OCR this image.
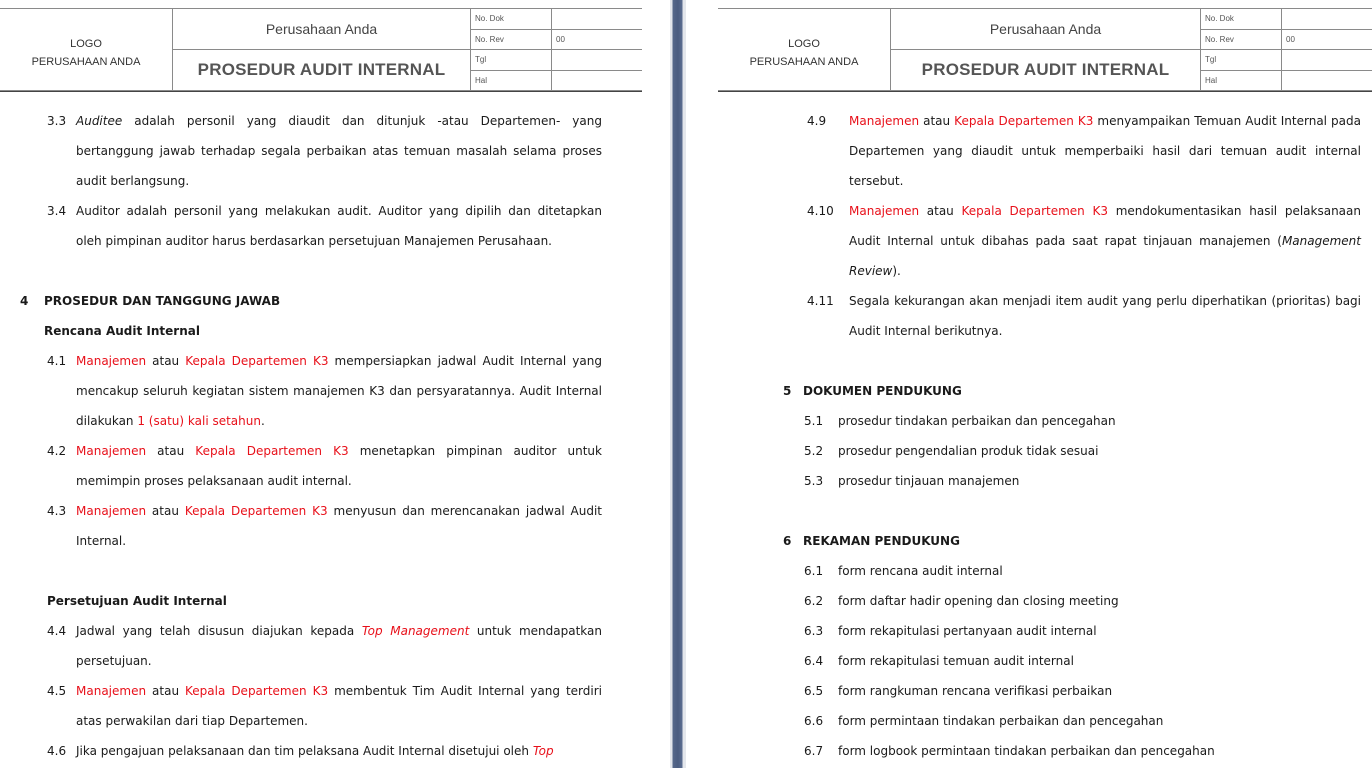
LOGO
PERUSAHAAN ANDA	Perusahaan Anda	No. Dok	
		No. Rev	00
	PROSEDUR AUDIT INTERNAL	Tgl	
		Hal	
3.3 Auditee adalah personil yang diaudit dan ditunjuk -atau Departemen- yang bertanggung jawab terhadap segala perbaikan atas temuan masalah selama proses audit berlangsung.
3.4 Auditor adalah personil yang melakukan audit. Auditor yang dipilih dan ditetapkan oleh pimpinan auditor harus berdasarkan persetujuan Manajemen Perusahaan.
4 PROSEDUR DAN TANGGUNG JAWAB
Rencana Audit Internal
4.1 Manajemen atau Kepala Departemen K3 mempersiapkan jadwal Audit Internal yang mencakup seluruh kegiatan sistem manajemen K3 dan persyaratannya. Audit Internal dilakukan 1 (satu) kali setahun.
4.2 Manajemen atau Kepala Departemen K3 menetapkan pimpinan auditor untuk memimpin proses pelaksanaan audit internal.
4.3 Manajemen atau Kepala Departemen K3 menyusun dan merencanakan jadwal Audit Internal.
Persetujuan Audit Internal
4.4 Jadwal yang telah disusun diajukan kepada Top Management untuk mendapatkan persetujuan.
4.5 Manajemen atau Kepala Departemen K3 membentuk Tim Audit Internal yang terdiri atas perwakilan dari tiap Departemen.
4.6 Jika pengajuan pelaksanaan dan tim pelaksana Audit Internal disetujui oleh Top
LOGO
PERUSAHAAN ANDA	Perusahaan Anda	No. Dok	
		No. Rev	00
	PROSEDUR AUDIT INTERNAL	Tgl	
		Hal	
4.9 Manajemen atau Kepala Departemen K3 menyampaikan Temuan Audit Internal pada Departemen yang diaudit untuk memperbaiki hasil dari temuan audit internal tersebut.
4.10 Manajemen atau Kepala Departemen K3 mendokumentasikan hasil pelaksanaan Audit Internal untuk dibahas pada saat rapat tinjauan manajemen (Management Review).
4.11 Segala kekurangan akan menjadi item audit yang perlu diperhatikan (prioritas) bagi Audit Internal berikutnya.
5 DOKUMEN PENDUKUNG
5.1 prosedur tindakan perbaikan dan pencegahan
5.2 prosedur pengendalian produk tidak sesuai
5.3 prosedur tinjauan manajemen
6 REKAMAN PENDUKUNG
6.1 form rencana audit internal
6.2 form daftar hadir opening dan closing meeting
6.3 form rekapitulasi pertanyaan audit internal
6.4 form rekapitulasi temuan audit internal
6.5 form rangkuman rencana verifikasi perbaikan
6.6 form permintaan tindakan perbaikan dan pencegahan
6.7 form logbook permintaan tindakan perbaikan dan pencegahan
